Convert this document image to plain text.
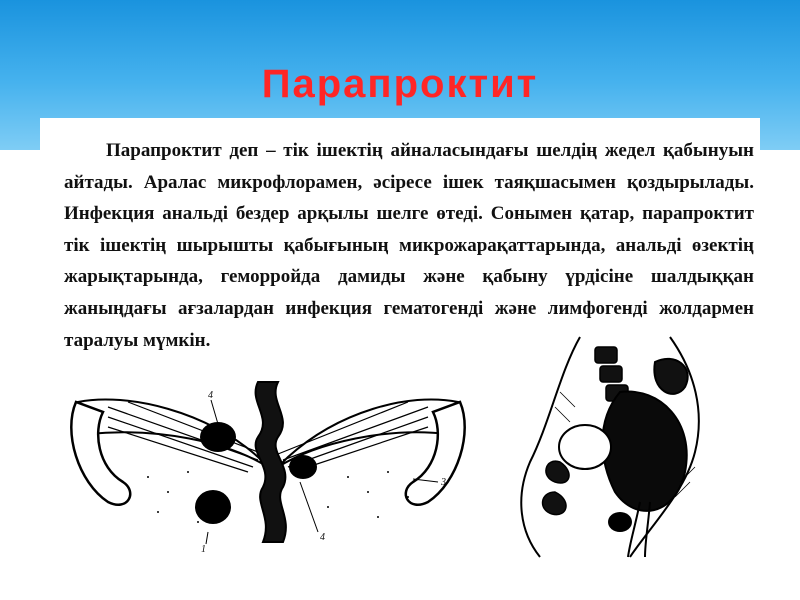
Парапроктит
Парапроктит деп – тік ішектің айналасындағы шелдің жедел қабынуын айтады. Аралас микрофлорамен, әсіресе ішек таяқшасымен қоздырылады. Инфекция анальді бездер арқылы шелге өтеді. Сонымен қатар, парапроктит тік ішектің шырышты қабығының микрожарақаттарында, анальді өзектің жарықтарында, геморройда дамиды және қабыну үрдісіне шалдыққан жаныңдағы ағзалардан инфекция гематогенді және лимфогенді жолдармен таралуы мүмкін.
4
3
1
4
